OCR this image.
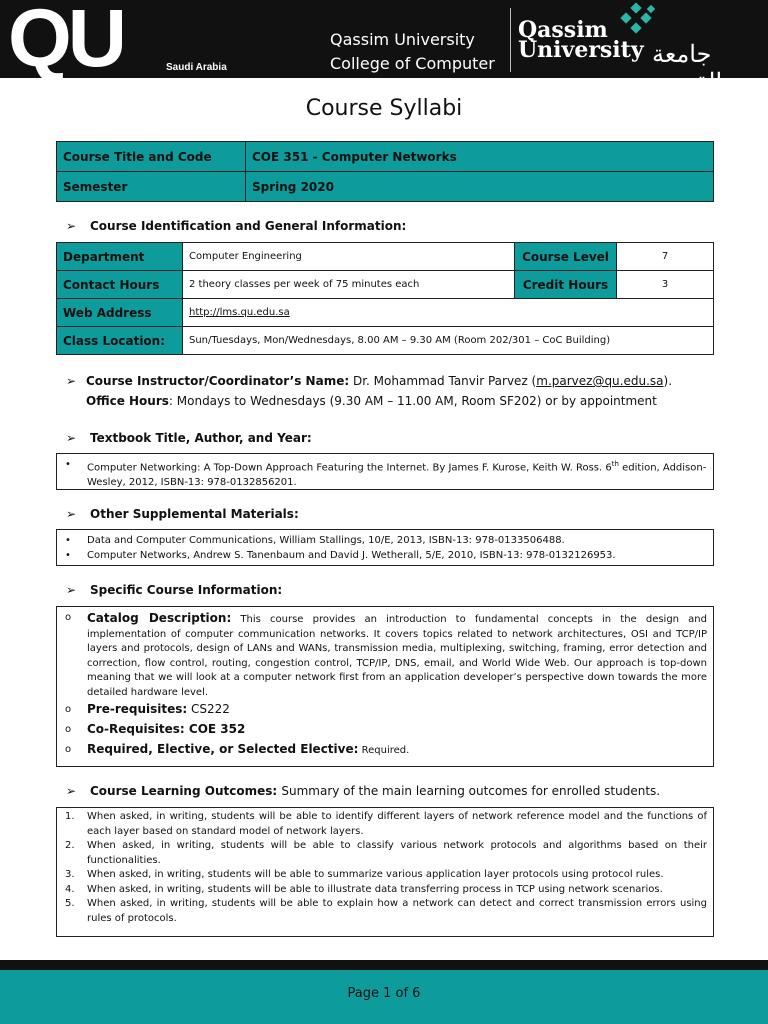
QU	Saudi Arabia
Qassim University
College of Computer
Qassim
University جامعة القصيم
Course Syllabi
Course Title and Code	COE 351 - Computer Networks
Semester	Spring 2020
➢ Course Identification and General Information:
Department	Computer Engineering	Course Level	7
Contact Hours	2 theory classes per week of 75 minutes each	Credit Hours	3
Web Address	http://lms.qu.edu.sa		
Class Location:	Sun/Tuesdays, Mon/Wednesdays, 8.00 AM – 9.30 AM (Room 202/301 – CoC Building)		
➢ Course Instructor/Coordinator’s Name: Dr. Mohammad Tanvir Parvez (m.parvez@qu.edu.sa).
Office Hours: Mondays to Wednesdays (9.30 AM – 11.00 AM, Room SF202) or by appointment
➢ Textbook Title, Author, and Year:
• Computer Networking: A Top-Down Approach Featuring the Internet. By James F. Kurose, Keith W. Ross. 6th edition, Addison-Wesley, 2012, ISBN-13: 978-0132856201.
➢ Other Supplemental Materials:
• Data and Computer Communications, William Stallings, 10/E, 2013, ISBN-13: 978-0133506488.
• Computer Networks, Andrew S. Tanenbaum and David J. Wetherall, 5/E, 2010, ISBN-13: 978-0132126953.
➢ Specific Course Information:
o Catalog Description: This course provides an introduction to fundamental concepts in the design and implementation of computer communication networks. It covers topics related to network architectures, OSI and TCP/IP layers and protocols, design of LANs and WANs, transmission media, multiplexing, switching, framing, error detection and correction, flow control, routing, congestion control, TCP/IP, DNS, email, and World Wide Web. Our approach is top-down meaning that we will look at a computer network first from an application developer’s perspective down towards the more detailed hardware level.
o Pre-requisites: CS222
o Co-Requisites: COE 352
o Required, Elective, or Selected Elective: Required.
➢ Course Learning Outcomes: Summary of the main learning outcomes for enrolled students.
1. When asked, in writing, students will be able to identify different layers of network reference model and the functions of each layer based on standard model of network layers.
2. When asked, in writing, students will be able to classify various network protocols and algorithms based on their functionalities.
3. When asked, in writing, students will be able to summarize various application layer protocols using protocol rules.
4. When asked, in writing, students will be able to illustrate data transferring process in TCP using network scenarios.
5. When asked, in writing, students will be able to explain how a network can detect and correct transmission errors using rules of protocols.
Page 1 of 6
